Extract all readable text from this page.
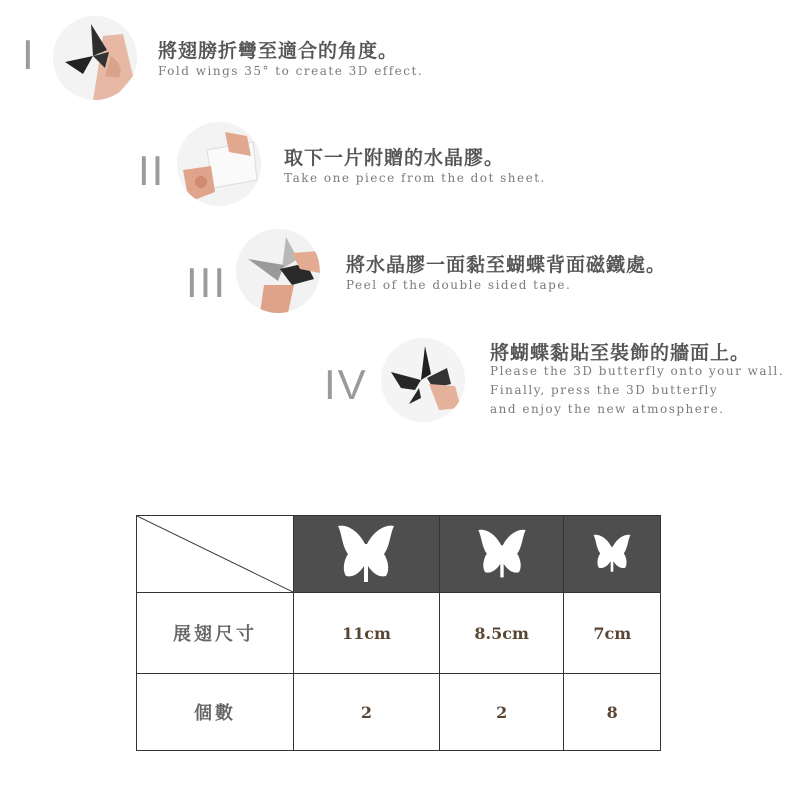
I	將翅膀折彎至適合的角度。
Fold wings 35° to create 3D effect.
II	取下一片附贈的水晶膠。
Take one piece from the dot sheet.
III	將水晶膠一面黏至蝴蝶背面磁鐵處。
Peel of the double sided tape.
IV
將蝴蝶黏貼至裝飾的牆面上。
Please the 3D butterfly onto your wall.
Finally, press the 3D butterfly
and enjoy the new atmosphere.

展翅尺寸	11cm	8.5cm	7cm
個數	2	2	8
